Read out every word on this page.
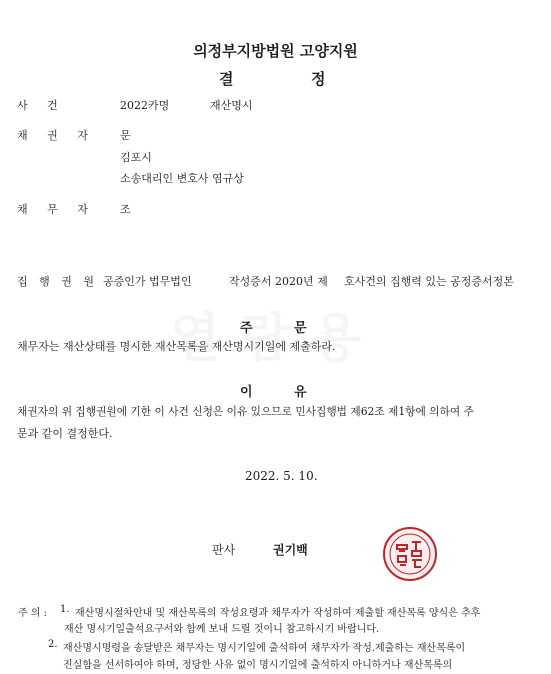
의정부지방법원 고양지원
결	정
사 건	2022카명	재산명시
채 권 자 문
김포시
소송대리인 변호사 염규상
채 무 자 조
집 행 권 원 공증인가 법무법인	작성증서 2020년 제 호사건의 집행력 있는 공정증서정본
주	문
채무자는 재산상태를 명시한 재산목록을 재산명시기일에 제출하라.
이	유
채권자의 위 집행권원에 기한 이 사건 신청은 이유 있으므로 민사집행법 제62조 제1항에 의하여 주
문과 같이 결정한다.
2022. 5. 10.
판사	권기백
주 의 : 1. 재산명시절차안내 및 재산목록의 작성요령과 채무자가 작성하여 제출할 재산목록 양식은 추후
재산 명시기일출석요구서와 함께 보내 드릴 것이니 참고하시기 바랍니다.
2. 재산명시명령을 송달받은 채무자는 명시기일에 출석하여 채무자가 작성.제출하는 재산목록이
진실함을 선서하여야 하며, 정당한 사유 없이 명시기일에 출석하지 아니하거나 재산목록의
